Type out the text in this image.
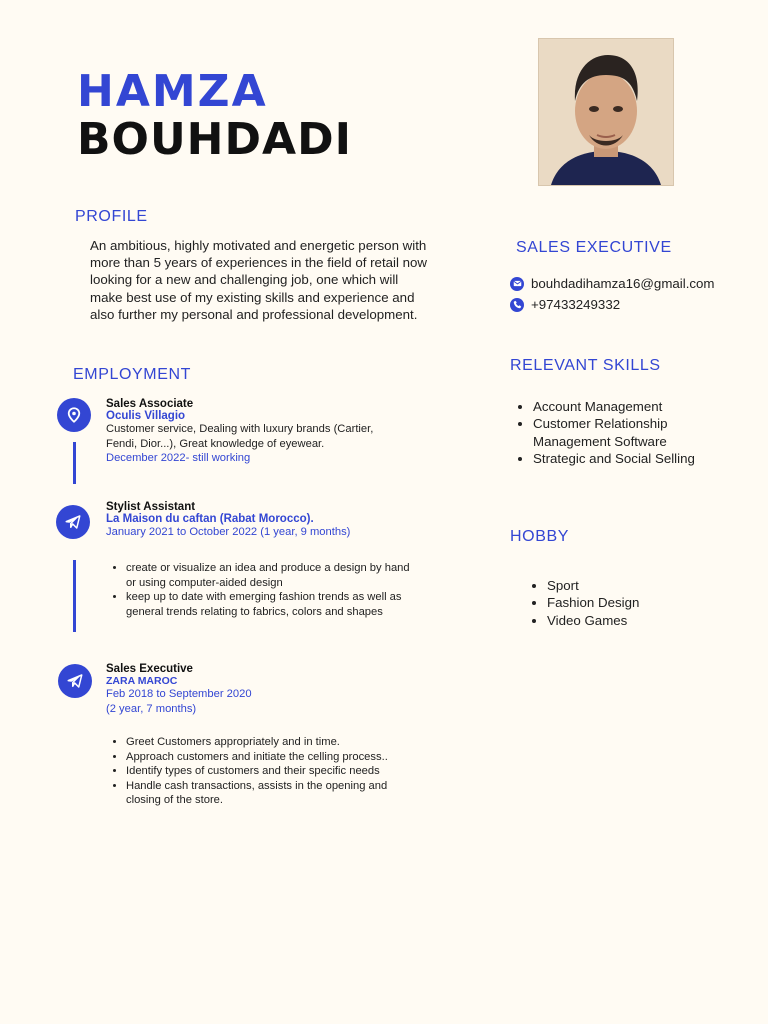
HAMZA
BOUHDADI
PROFILE
An ambitious, highly motivated and energetic person with more than 5 years of experiences in the field of retail now looking for a new and challenging job, one which will make best use of my existing skills and experience and also further my personal and professional development.
EMPLOYMENT
Sales Associate
Oculis Villagio
Customer service, Dealing with luxury brands (Cartier, Fendi, Dior...), Great knowledge of eyewear.
December 2022- still working
Stylist Assistant
La Maison du caftan (Rabat Morocco).
January 2021 to October 2022 (1 year, 9 months)
• create or visualize an idea and produce a design by hand or using computer-aided design
• keep up to date with emerging fashion trends as well as general trends relating to fabrics, colors and shapes
Sales Executive
ZARA MAROC
Feb 2018 to September 2020
(2 year, 7 months)
• Greet Customers appropriately and in time.
• Approach customers and initiate the celling process..
• Identify types of customers and their specific needs
• Handle cash transactions, assists in the opening and closing of the store.
SALES EXECUTIVE
bouhdadihamza16@gmail.com
+97433249332
RELEVANT SKILLS
• Account Management
• Customer Relationship Management Software
• Strategic and Social Selling
HOBBY
• Sport
• Fashion Design
• Video Games
